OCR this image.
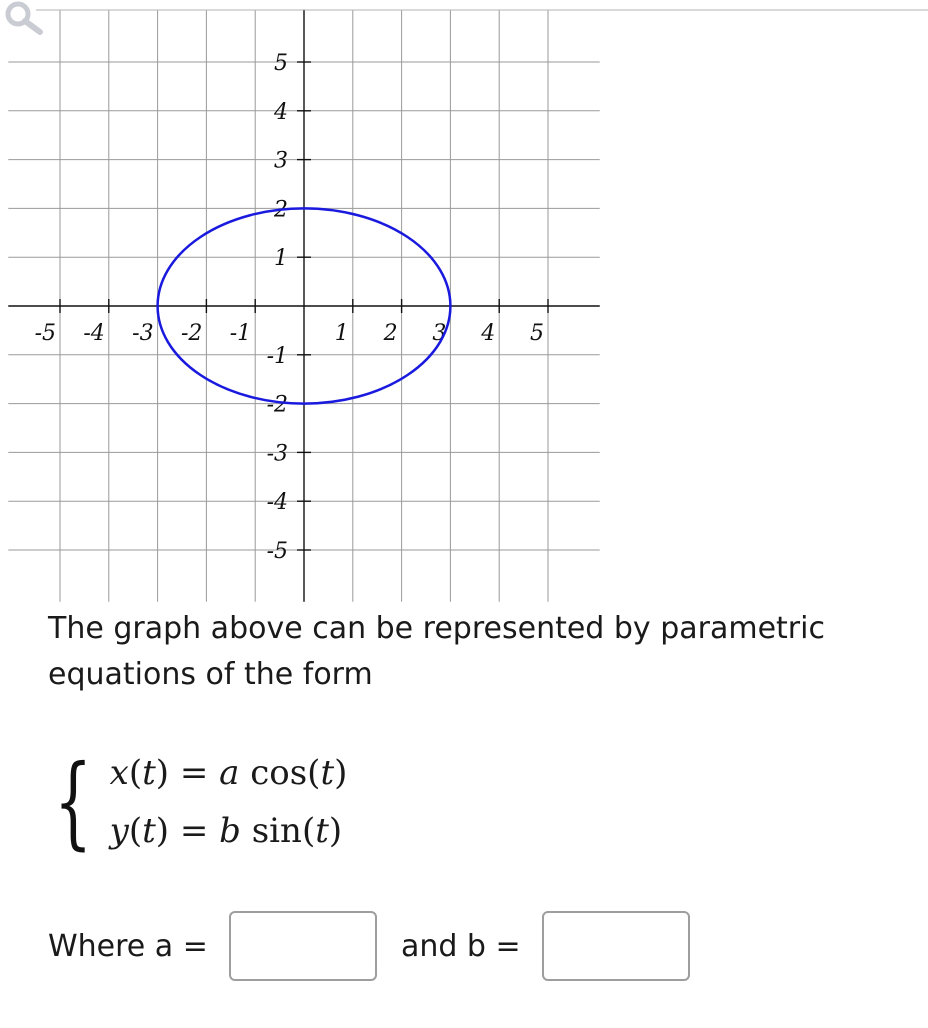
-5 -4 -3 -2 -1	1 2 3 4 5
-5
-4
-3
-2
-1
1
2
3
4
5

The graph above can be represented by parametric equations of the form

{ x(t) = a cos(t)
y(t) = b sin(t)
Where a =	and b =
